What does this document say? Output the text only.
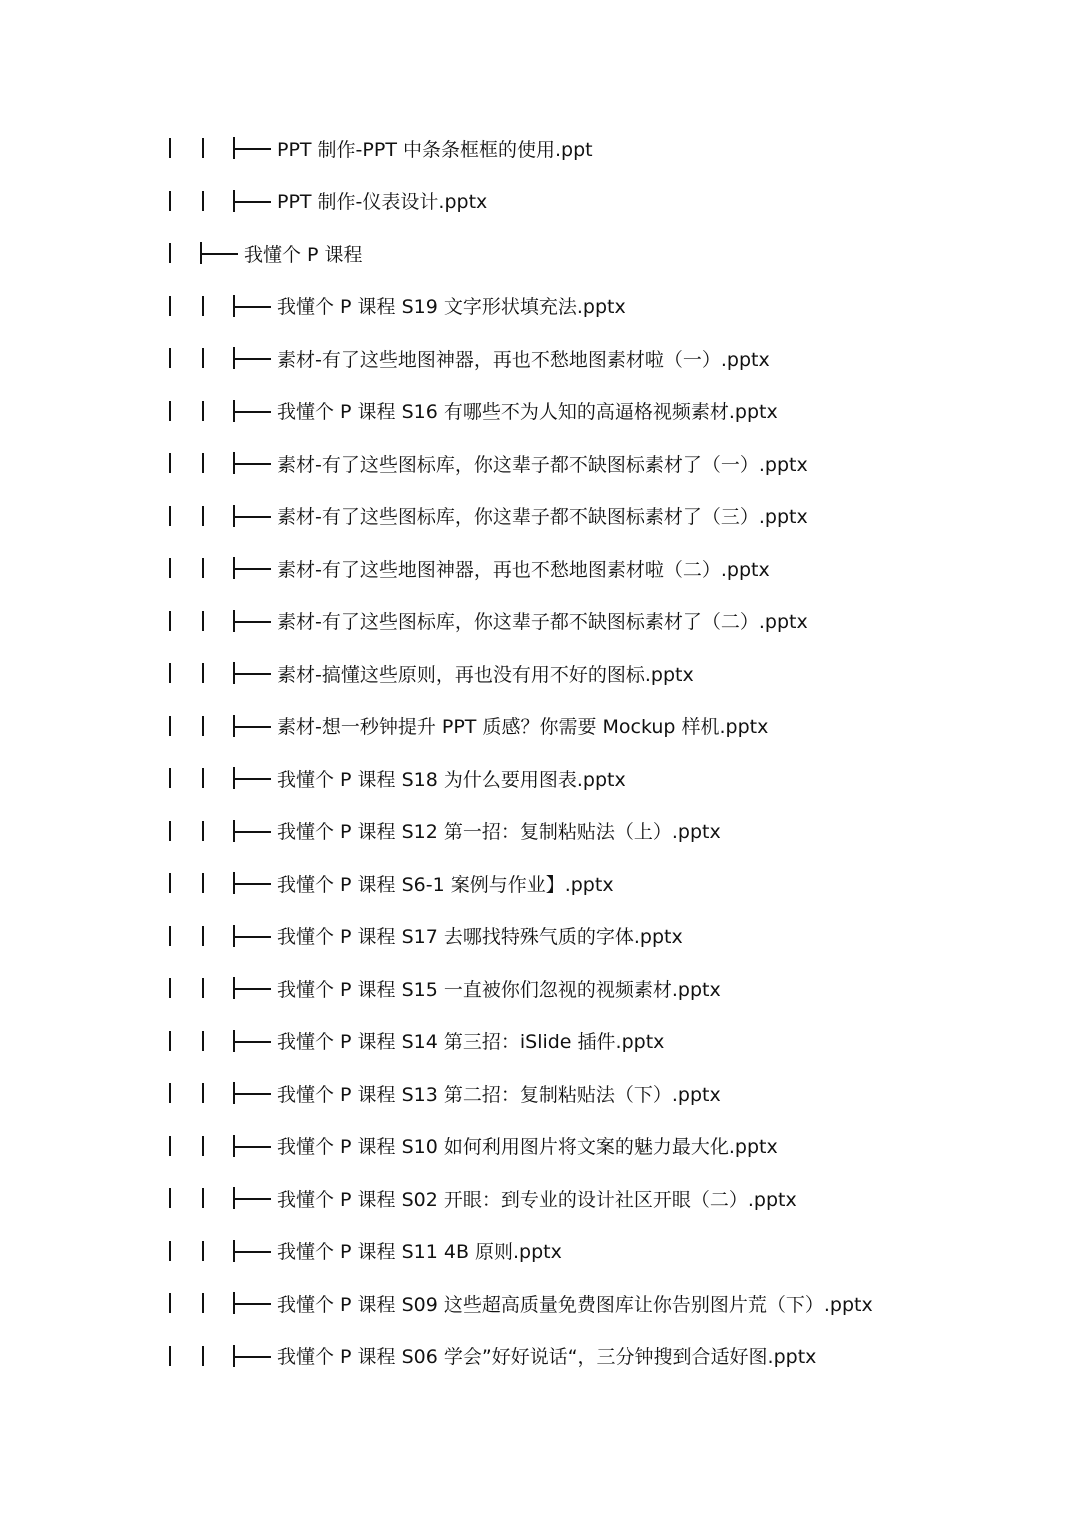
PPT 制作-PPT 中条条框框的使用.ppt
PPT 制作-仪表设计.pptx
我懂个 P 课程
我懂个 P 课程 S19 文字形状填充法.pptx
素材-有了这些地图神器，再也不愁地图素材啦（一）.pptx
我懂个 P 课程 S16 有哪些不为人知的高逼格视频素材.pptx
素材-有了这些图标库，你这辈子都不缺图标素材了（一）.pptx
素材-有了这些图标库，你这辈子都不缺图标素材了（三）.pptx
素材-有了这些地图神器，再也不愁地图素材啦（二）.pptx
素材-有了这些图标库，你这辈子都不缺图标素材了（二）.pptx
素材-搞懂这些原则，再也没有用不好的图标.pptx
素材-想一秒钟提升 PPT 质感？你需要 Mockup 样机.pptx
我懂个 P 课程 S18 为什么要用图表.pptx
我懂个 P 课程 S12 第一招：复制粘贴法（上）.pptx
我懂个 P 课程 S6-1 案例与作业】.pptx
我懂个 P 课程 S17 去哪找特殊气质的字体.pptx
我懂个 P 课程 S15 一直被你们忽视的视频素材.pptx
我懂个 P 课程 S14 第三招：iSlide 插件.pptx
我懂个 P 课程 S13 第二招：复制粘贴法（下）.pptx
我懂个 P 课程 S10 如何利用图片将文案的魅力最大化.pptx
我懂个 P 课程 S02 开眼：到专业的设计社区开眼（二）.pptx
我懂个 P 课程 S11 4B 原则.pptx
我懂个 P 课程 S09 这些超高质量免费图库让你告别图片荒（下）.pptx
我懂个 P 课程 S06 学会”好好说话“，三分钟搜到合适好图.pptx
